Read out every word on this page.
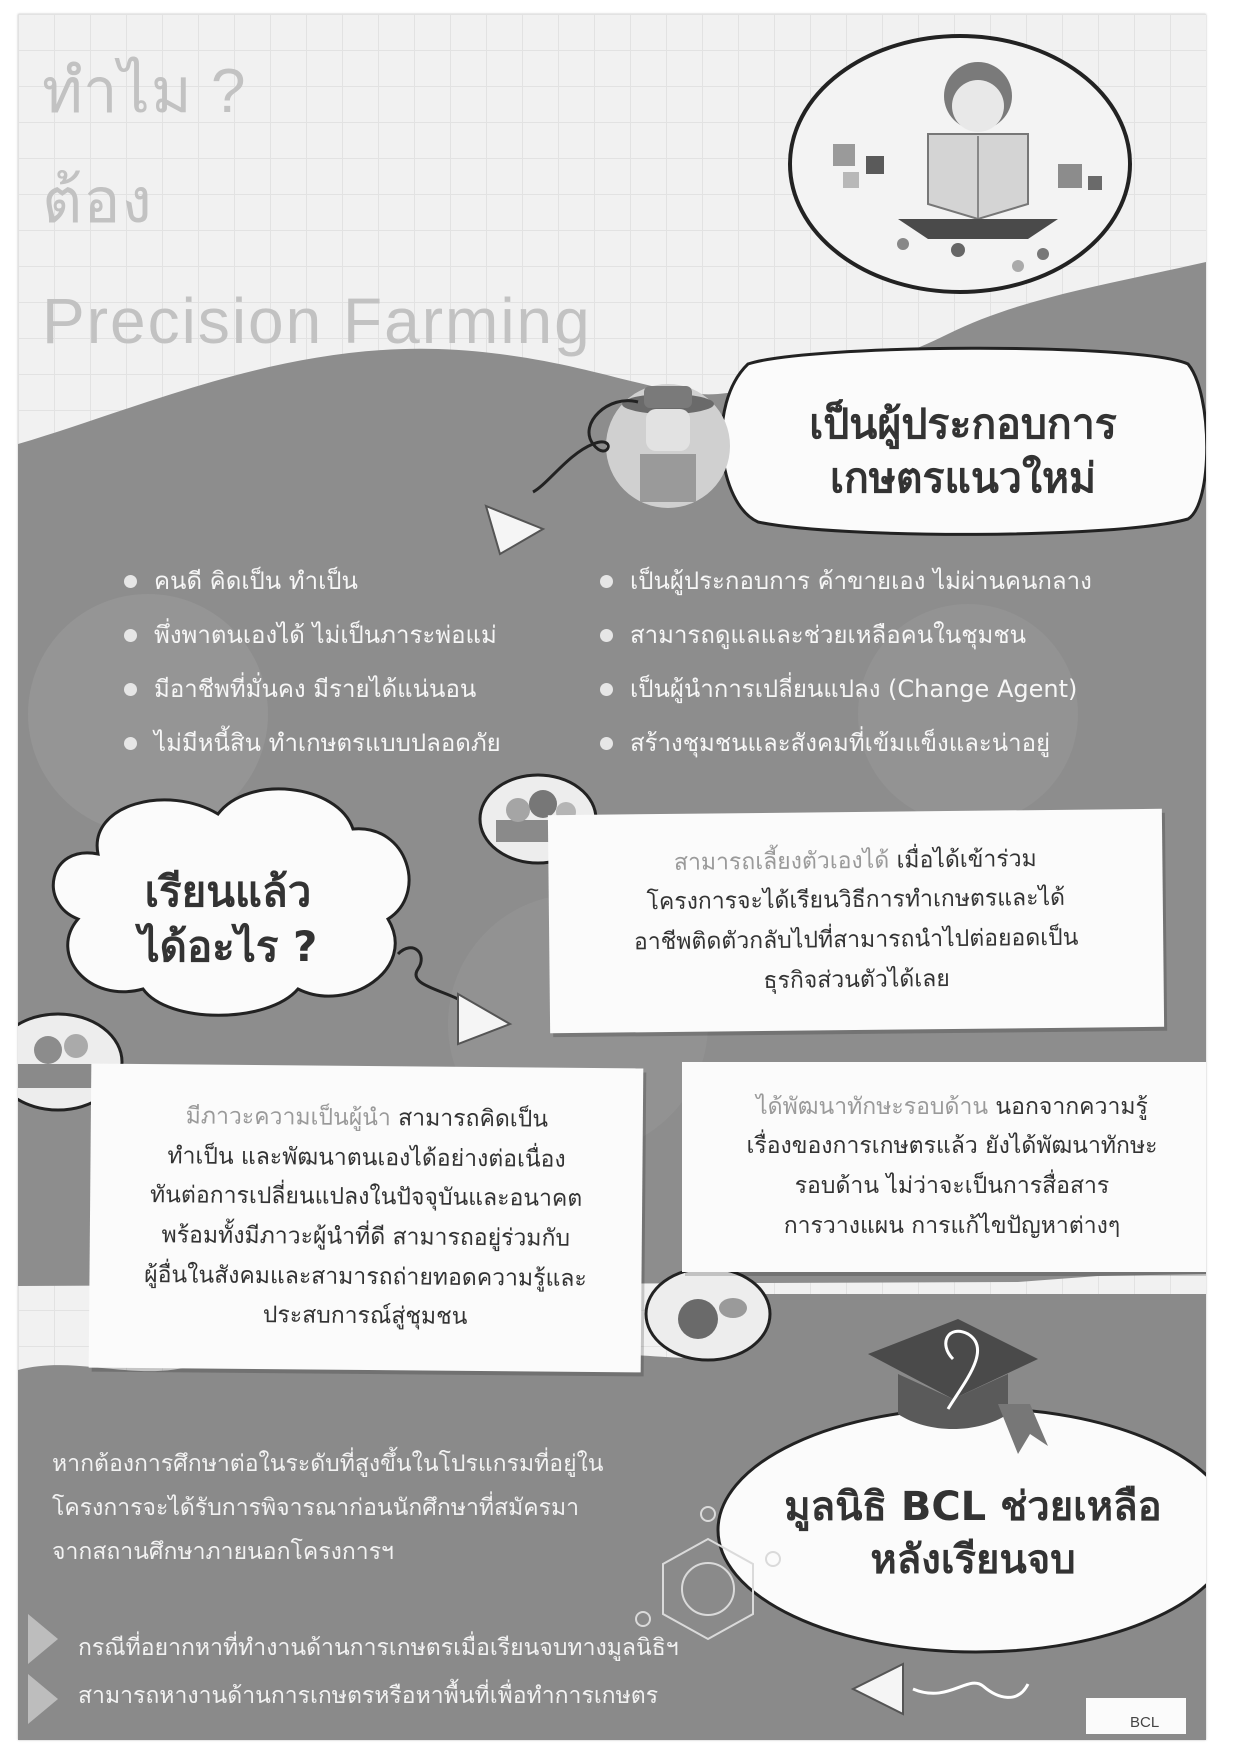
ทำไม ?
ต้อง
Precision Farming
เป็นผู้ประกอบการ
เกษตรแนวใหม่
คนดี คิดเป็น ทำเป็น
พึ่งพาตนเองได้ ไม่เป็นภาระพ่อแม่
มีอาชีพที่มั่นคง มีรายได้แน่นอน
ไม่มีหนี้สิน ทำเกษตรแบบปลอดภัย
เป็นผู้ประกอบการ ค้าขายเอง ไม่ผ่านคนกลาง
สามารถดูแลและช่วยเหลือคนในชุมชน
เป็นผู้นำการเปลี่ยนแปลง (Change Agent)
สร้างชุมชนและสังคมที่เข้มแข็งและน่าอยู่
เรียนแล้ว
ได้อะไร ?

สามารถเลี้ยงตัวเองได้ เมื่อได้เข้าร่วม
โครงการจะได้เรียนวิธีการทำเกษตรและได้
อาชีพติดตัวกลับไปที่สามารถนำไปต่อยอดเป็น
ธุรกิจส่วนตัวได้เลย

มีภาวะความเป็นผู้นำ สามารถคิดเป็น
ทำเป็น และพัฒนาตนเองได้อย่างต่อเนื่อง
ทันต่อการเปลี่ยนแปลงในปัจจุบันและอนาคต
พร้อมทั้งมีภาวะผู้นำที่ดี สามารถอยู่ร่วมกับ
ผู้อื่นในสังคมและสามารถถ่ายทอดความรู้และ
ประสบการณ์สู่ชุมชน

ได้พัฒนาทักษะรอบด้าน นอกจากความรู้
เรื่องของการเกษตรแล้ว ยังได้พัฒนาทักษะ
รอบด้าน ไม่ว่าจะเป็นการสื่อสาร
การวางแผน การแก้ไขปัญหาต่างๆ

หากต้องการศึกษาต่อในระดับที่สูงขึ้นในโปรแกรมที่อยู่ใน
โครงการจะได้รับการพิจารณาก่อนนักศึกษาที่สมัครมา
จากสถานศึกษาภายนอกโครงการฯ

มูลนิธิ BCL ช่วยเหลือ
หลังเรียนจบ

กรณีที่อยากหาที่ทำงานด้านการเกษตรเมื่อเรียนจบทางมูลนิธิฯ
สามารถหางานด้านการเกษตรหรือหาพื้นที่เพื่อทำการเกษตร

BCL
